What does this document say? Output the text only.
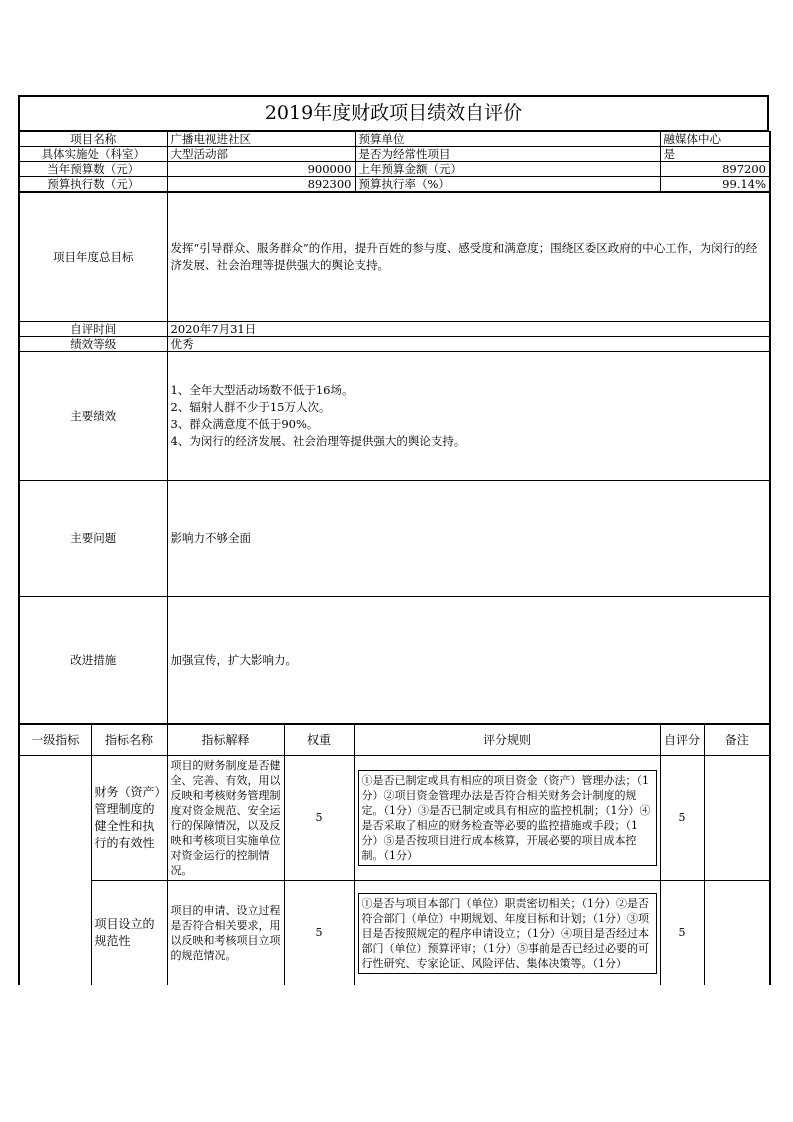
2019年度财政项目绩效自评价
项目名称	广播电视进社区	预算单位	融媒体中心
具体实施处（科室）	大型活动部	是否为经常性项目	是
当年预算数（元）	900000	上年预算金额（元）	897200
预算执行数（元）	892300	预算执行率（%）	99.14%
项目年度总目标	发挥“引导群众、服务群众”的作用，提升百姓的参与度、感受度和满意度；围绕区委区政府的中心工作，为闵行的经济发展、社会治理等提供强大的舆论支持。
自评时间	2020年7月31日
绩效等级	优秀
主要绩效	1、全年大型活动场数不低于16场。
2、辐射人群不少于15万人次。
3、群众满意度不低于90%。
4、为闵行的经济发展、社会治理等提供强大的舆论支持。

主要问题	影响力不够全面
改进措施	加强宣传，扩大影响力。
一级指标	指标名称	指标解释	权重	评分规则	自评分	备注
	财务（资产）管理制度的健全性和执行的有效性	项目的财务制度是否健全、完善、有效，用以反映和考核财务管理制度对资金规范、安全运行的保障情况，以及反映和考核项目实施单位对资金运行的控制情况。	5	①是否已制定或具有相应的项目资金（资产）管理办法；（1分）②项目资金管理办法是否符合相关财务会计制度的规定。（1分）③是否已制定或具有相应的监控机制；（1分）④是否采取了相应的财务检查等必要的监控措施或手段；（1分）⑤是否按项目进行成本核算，开展必要的项目成本控制。（1分）	5	
	项目设立的规范性	项目的申请、设立过程是否符合相关要求，用以反映和考核项目立项的规范情况。	5	①是否与项目本部门（单位）职责密切相关；（1分）②是否符合部门（单位）中期规划、年度目标和计划；（1分）③项目是否按照规定的程序申请设立；（1分）④项目是否经过本部门（单位）预算评审；（1分）⑤事前是否已经过必要的可行性研究、专家论证、风险评估、集体决策等。（1分）	5	
